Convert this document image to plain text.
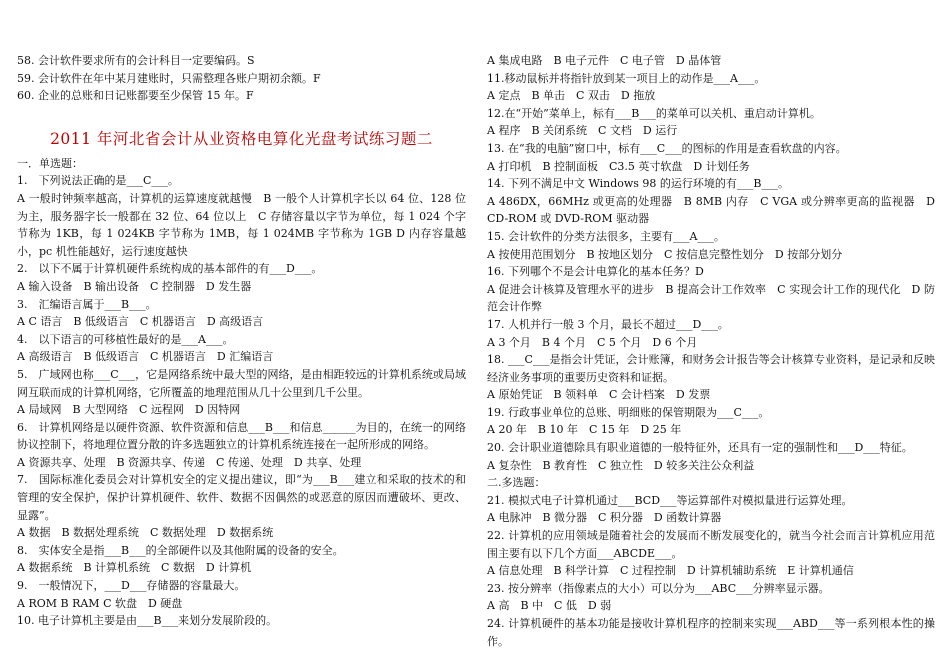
58. 会计软件要求所有的会计科目一定要编码。S
59. 会计软件在年中某月建账时，只需整理各账户期初余额。F
60. 企业的总账和日记账都要至少保管 15 年。F
2011 年河北省会计从业资格电算化光盘考试练习题二
一．单选题：
1.　下列说法正确的是___C___。
A 一般时钟频率越高，计算机的运算速度就越慢　B 一般个人计算机字长以 64 位、128 位为主，服务器字长一般都在 32 位、64 位以上　C 存储容量以字节为单位，每 1 024 个字节称为 1KB，每 1 024KB 字节称为 1MB，每 1 024MB 字节称为 1GB D 内存容量越小，pc 机性能越好，运行速度越快
2.　以下不属于计算机硬件系统构成的基本部件的有___D___。
A 输入设备　B 输出设备　C 控制器　D 发生器
3.　汇编语言属于___B___。
A C 语言　B 低级语言　C 机器语言　D 高级语言
4.　以下语言的可移植性最好的是___A___。
A 高级语言　B 低级语言　C 机器语言　D 汇编语言
5.　广域网也称___C___，它是网络系统中最大型的网络，是由相距较远的计算机系统或局域网互联而成的计算机网络，它所覆盖的地理范围从几十公里到几千公里。
A 局域网　B 大型网络　C 远程网　D 因特网
6.　计算机网络是以硬件资源、软件资源和信息___B___和信息______为目的，在统一的网络协议控制下，将地理位置分散的许多选题独立的计算机系统连接在一起所形成的网络。
A 资源共享、处理　B 资源共享、传递　C 传递、处理　D 共享、处理
7.　国际标准化委员会对计算机安全的定义提出建议，即“为___B___建立和采取的技术的和管理的安全保护，保护计算机硬件、软件、数据不因偶然的或恶意的原因而遭破坏、更改、显露”。
A 数据　B 数据处理系统　C 数据处理　D 数据系统
8.　实体安全是指___B___的全部硬件以及其他附属的设备的安全。
A 数据系统　B 计算机系统　C 数据　D 计算机
9.　一般情况下，___D___存储器的容量最大。
A ROM B RAM C 软盘　D 硬盘
10. 电子计算机主要是由___B___来划分发展阶段的。
A 集成电路　B 电子元件　C 电子管　D 晶体管
11.移动鼠标并将指针放到某一项目上的动作是___A___。
A 定点　B 单击　C 双击　D 拖放
12.在“开始”菜单上，标有___B___的菜单可以关机、重启动计算机。
A 程序　B 关闭系统　C 文档　D 运行
13. 在“我的电脑”窗口中，标有___C___的图标的作用是查看软盘的内容。
A 打印机　B 控制面板　C3.5 英寸软盘　D 计划任务
14. 下列不满足中文 Windows 98 的运行环境的有___B___。
A 486DX，66MHz 或更高的处理器　B 8MB 内存　C VGA 或分辨率更高的监视器　D CD-ROM 或 DVD-ROM 驱动器
15. 会计软件的分类方法很多，主要有___A___。
A 按使用范围划分　B 按地区划分　C 按信息完整性划分　D 按部分划分
16. 下列哪个不是会计电算化的基本任务？D
A 促进会计核算及管理水平的进步　B 提高会计工作效率　C 实现会计工作的现代化　D 防范会计作弊
17. 人机并行一般 3 个月，最长不超过___D___。
A 3 个月　B 4 个月　C 5 个月　D 6 个月
18. ___C___是指会计凭证，会计账簿，和财务会计报告等会计核算专业资料，是记录和反映经济业务事项的重要历史资料和证据。
A 原始凭证　B 领料单　C 会计档案　D 发票
19. 行政事业单位的总账、明细账的保管期限为___C___。
A 20 年　B 10 年　C 15 年　D 25 年
20. 会计职业道德除具有职业道德的一般特征外，还具有一定的强制性和___D___特征。
A 复杂性　B 教育性　C 独立性　D 较多关注公众利益
二.多选题：
21. 模拟式电子计算机通过___BCD___等运算部件对模拟量进行运算处理。
A 电脉冲　B 微分器　C 积分器　D 函数计算器
22. 计算机的应用领域是随着社会的发展而不断发展变化的，就当今社会而言计算机应用范围主要有以下几个方面___ABCDE___。
A 信息处理　B 科学计算　C 过程控制　D 计算机辅助系统　E 计算机通信
23. 按分辨率（指像素点的大小）可以分为___ABC___分辨率显示器。
A 高　B 中　C 低　D 弱
24. 计算机硬件的基本功能是接收计算机程序的控制来实现___ABD___等一系列根本性的操作。
